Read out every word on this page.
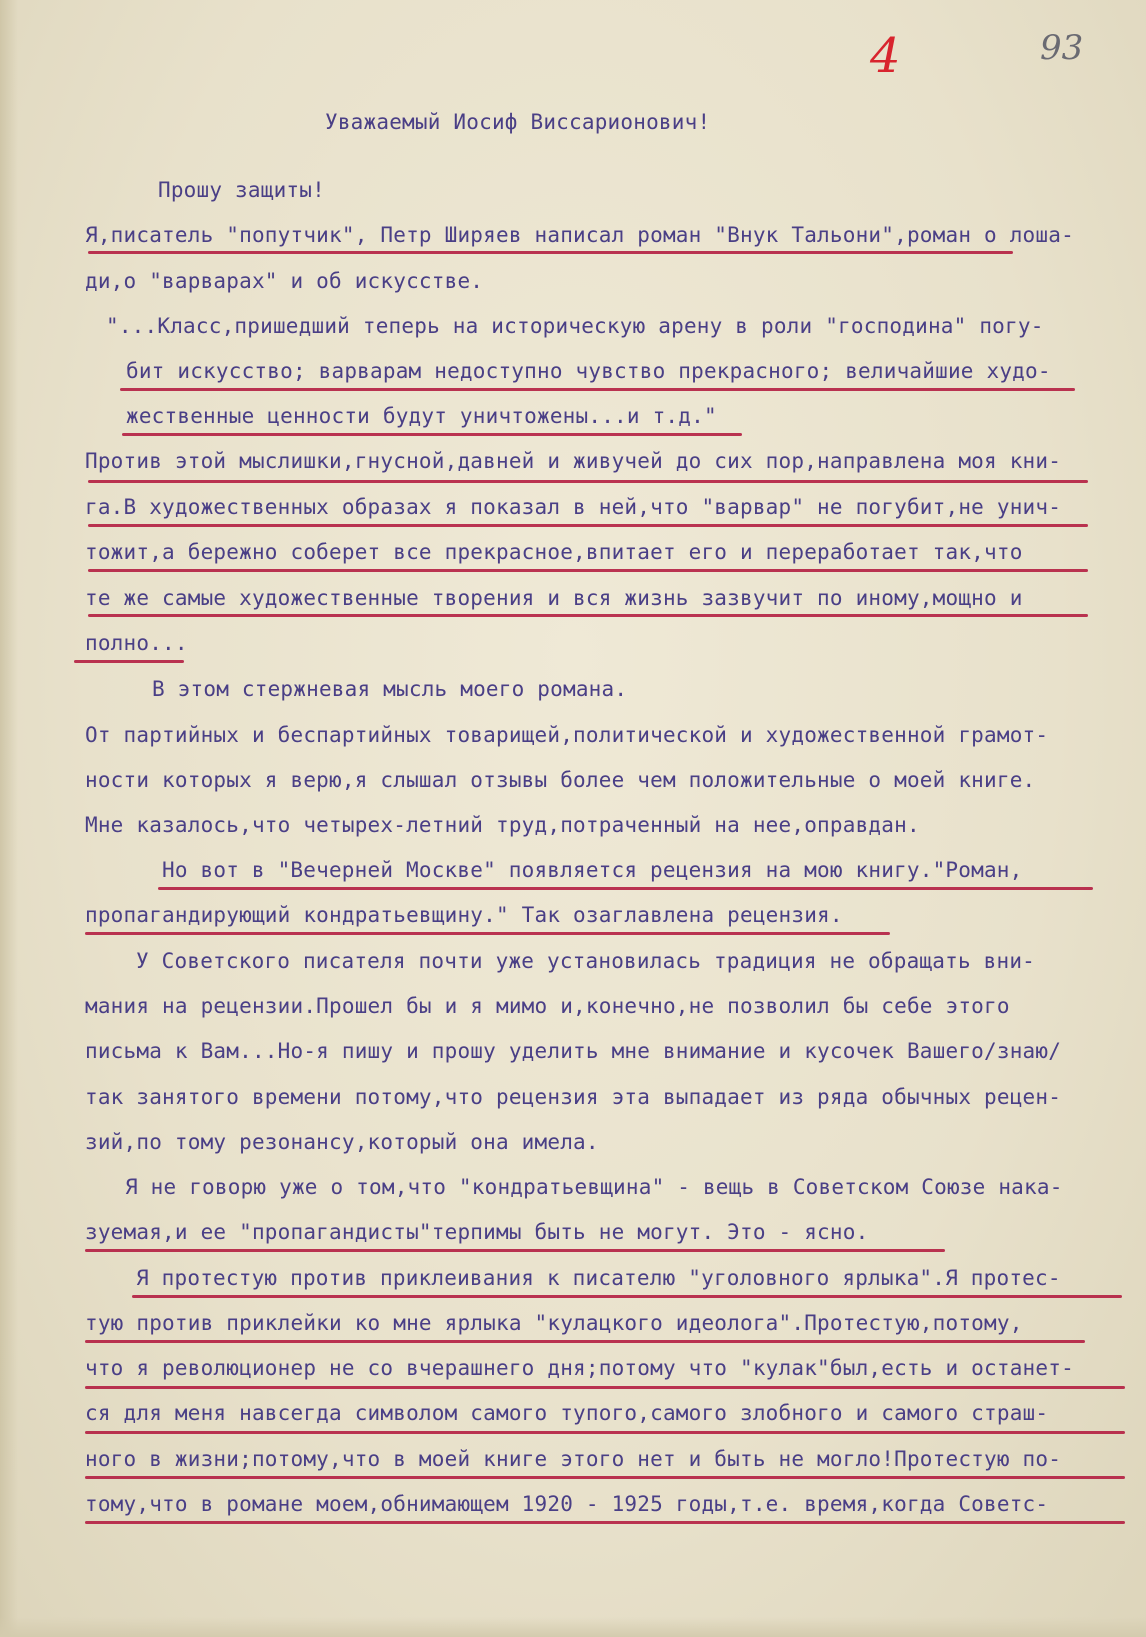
4	93
Уважаемый Иосиф Виссарионович!
Прошу защиты!
Я,писатель "попутчик", Петр Ширяев написал роман "Внук Тальони",роман о лоша-
ди,о "варварах" и об искусстве.
"...Класс,пришедший теперь на историческую арену в роли "господина" погу-
бит искусство; варварам недоступно чувство прекрасного; величайшие худо-
жественные ценности будут уничтожены...и т.д."
Против этой мыслишки,гнусной,давней и живучей до сих пор,направлена моя кни-
га.В художественных образах я показал в ней,что "варвар" не погубит,не унич-
тожит,а бережно соберет все прекрасное,впитает его и переработает так,что
те же самые художественные творения и вся жизнь зазвучит по иному,мощно и
полно...
В этом стержневая мысль моего романа.
От партийных и беспартийных товарищей,политической и художественной грамот-
ности которых я верю,я слышал отзывы более чем положительные о моей книге.
Мне казалось,что четырех-летний труд,потраченный на нее,оправдан.
Но вот в "Вечерней Москве" появляется рецензия на мою книгу."Роман,
пропагандирующий кондратьевщину." Так озаглавлена рецензия.
У Советского писателя почти уже установилась традиция не обращать вни-
мания на рецензии.Прошел бы и я мимо и,конечно,не позволил бы себе этого
письма к Вам...Но-я пишу и прошу уделить мне внимание и кусочек Вашего/знаю/
так занятого времени потому,что рецензия эта выпадает из ряда обычных рецен-
зий,по тому резонансу,который она имела.
Я не говорю уже о том,что "кондратьевщина" - вещь в Советском Союзе нака-
зуемая,и ее "пропагандисты"терпимы быть не могут. Это - ясно.
Я протестую против приклеивания к писателю "уголовного ярлыка".Я протес-
тую против приклейки ко мне ярлыка "кулацкого идеолога".Протестую,потому,
что я революционер не со вчерашнего дня;потому что "кулак"был,есть и останет-
ся для меня навсегда символом самого тупого,самого злобного и самого страш-
ного в жизни;потому,что в моей книге этого нет и быть не могло!Протестую по-
тому,что в романе моем,обнимающем 1920 - 1925 годы,т.е. время,когда Советс-
